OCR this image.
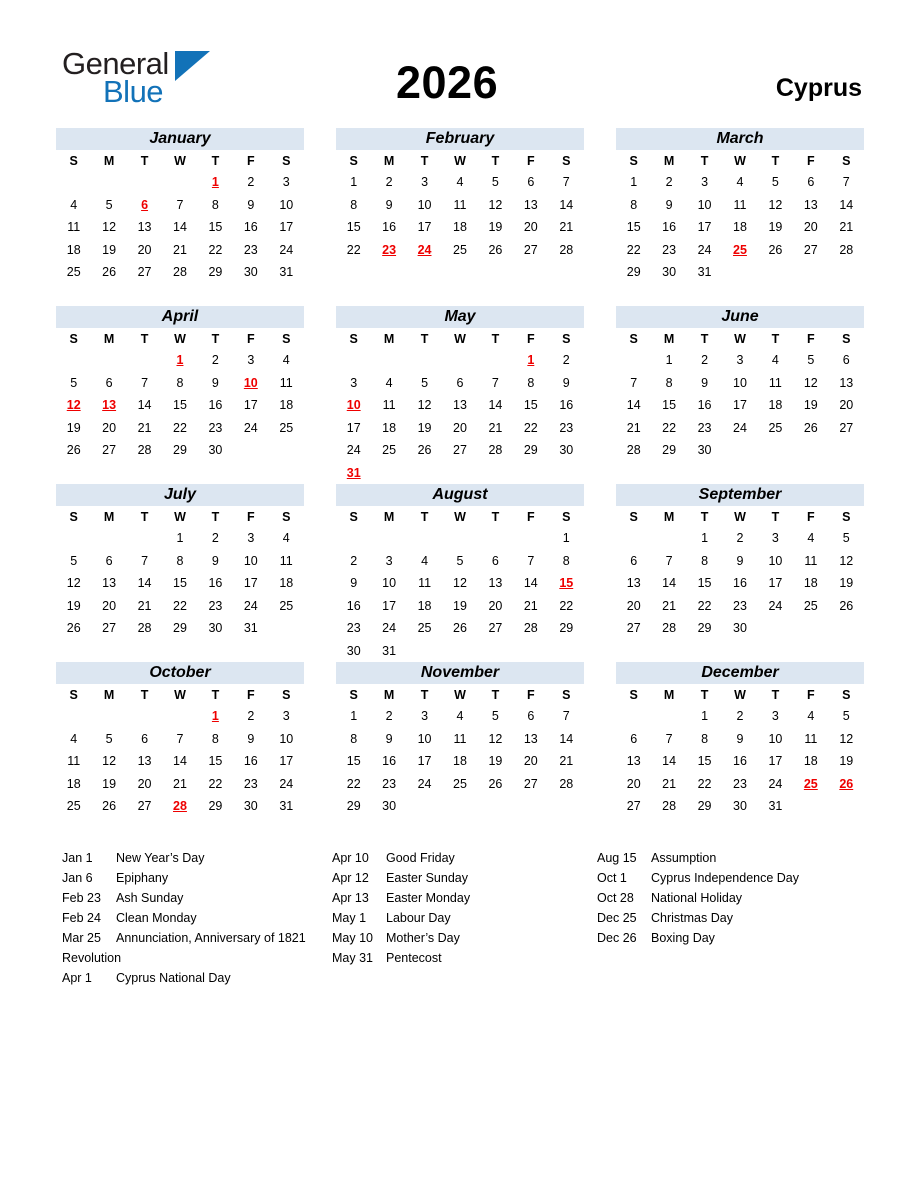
General
Blue	2026	Cyprus
January
S	M	T	W	T	F	S
				1	2	3
4	5	6	7	8	9	10
11	12	13	14	15	16	17
18	19	20	21	22	23	24
25	26	27	28	29	30	31

February
S	M	T	W	T	F	S
1	2	3	4	5	6	7
8	9	10	11	12	13	14
15	16	17	18	19	20	21
22	23	24	25	26	27	28

March
S	M	T	W	T	F	S
1	2	3	4	5	6	7
8	9	10	11	12	13	14
15	16	17	18	19	20	21
22	23	24	25	26	27	28
29	30	31				

April
S	M	T	W	T	F	S
			1	2	3	4
5	6	7	8	9	10	11
12	13	14	15	16	17	18
19	20	21	22	23	24	25
26	27	28	29	30		

May
S	M	T	W	T	F	S
					1	2
3	4	5	6	7	8	9
10	11	12	13	14	15	16
17	18	19	20	21	22	23
24	25	26	27	28	29	30
31						
June
S	M	T	W	T	F	S
	1	2	3	4	5	6
7	8	9	10	11	12	13
14	15	16	17	18	19	20
21	22	23	24	25	26	27
28	29	30				

July
S	M	T	W	T	F	S
			1	2	3	4
5	6	7	8	9	10	11
12	13	14	15	16	17	18
19	20	21	22	23	24	25
26	27	28	29	30	31	

August
S	M	T	W	T	F	S
						1
2	3	4	5	6	7	8
9	10	11	12	13	14	15
16	17	18	19	20	21	22
23	24	25	26	27	28	29
30	31					
September
S	M	T	W	T	F	S
		1	2	3	4	5
6	7	8	9	10	11	12
13	14	15	16	17	18	19
20	21	22	23	24	25	26
27	28	29	30			

October
S	M	T	W	T	F	S
				1	2	3
4	5	6	7	8	9	10
11	12	13	14	15	16	17
18	19	20	21	22	23	24
25	26	27	28	29	30	31

November
S	M	T	W	T	F	S
1	2	3	4	5	6	7
8	9	10	11	12	13	14
15	16	17	18	19	20	21
22	23	24	25	26	27	28
29	30					

December
S	M	T	W	T	F	S
		1	2	3	4	5
6	7	8	9	10	11	12
13	14	15	16	17	18	19
20	21	22	23	24	25	26
27	28	29	30	31		

Jan 1 New Year’s Day
Jan 6 Epiphany
Feb 23 Ash Sunday
Feb 24 Clean Monday
Mar 25 Annunciation, Anniversary of 1821 Revolution
Apr 1 Cyprus National Day
Apr 10 Good Friday
Apr 12 Easter Sunday
Apr 13 Easter Monday
May 1 Labour Day
May 10 Mother’s Day
May 31 Pentecost
Aug 15 Assumption
Oct 1 Cyprus Independence Day
Oct 28 National Holiday
Dec 25 Christmas Day
Dec 26 Boxing Day
